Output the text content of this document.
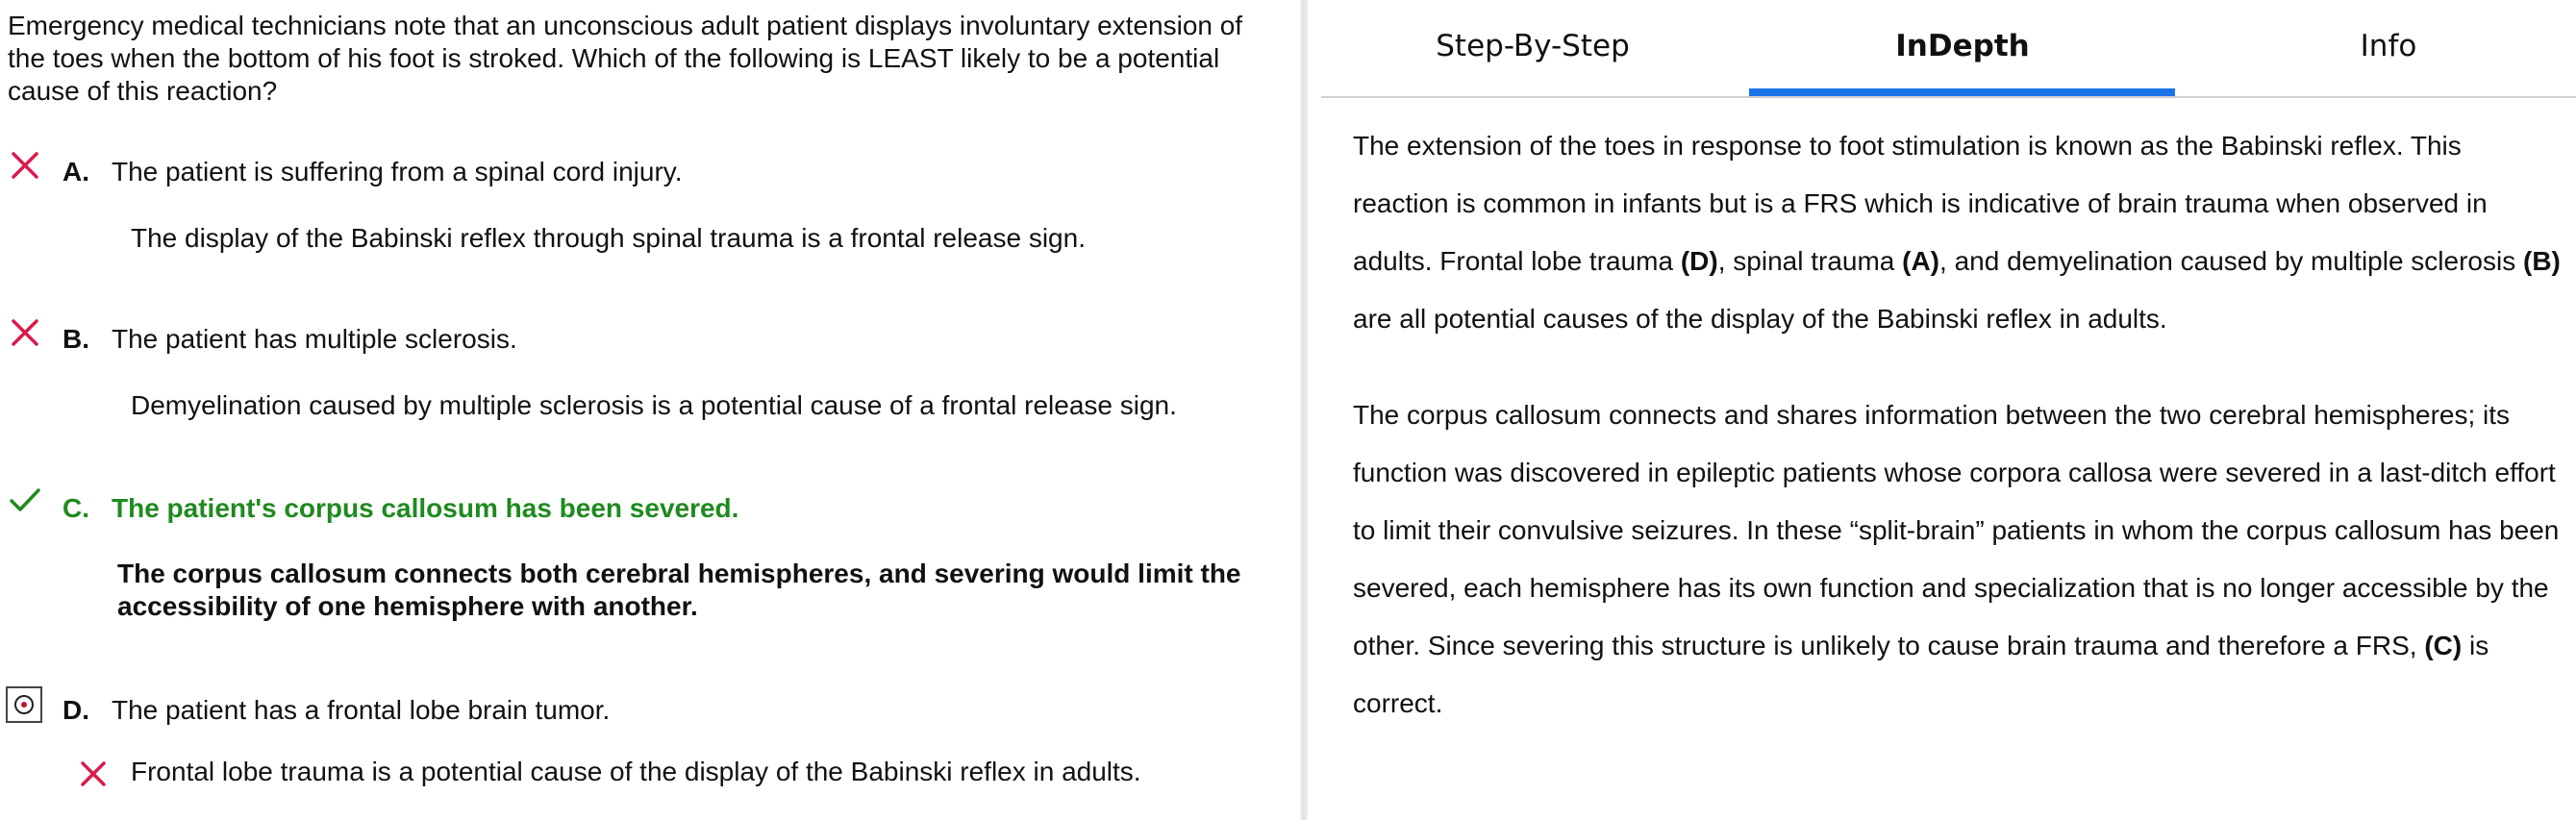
Emergency medical technicians note that an unconscious adult patient displays involuntary extension of the toes when the bottom of his foot is stroked. Which of the following is LEAST likely to be a potential cause of this reaction?
A. The patient is suffering from a spinal cord injury.
The display of the Babinski reflex through spinal trauma is a frontal release sign.
B. The patient has multiple sclerosis.
Demyelination caused by multiple sclerosis is a potential cause of a frontal release sign.
C. The patient's corpus callosum has been severed.
The corpus callosum connects both cerebral hemispheres, and severing would limit the accessibility of one hemisphere with another.
D. The patient has a frontal lobe brain tumor.
Frontal lobe trauma is a potential cause of the display of the Babinski reflex in adults.
Step-By-Step	InDepth	Info

The extension of the toes in response to foot stimulation is known as the Babinski reflex. This reaction is common in infants but is a FRS which is indicative of brain trauma when observed in adults. Frontal lobe trauma (D), spinal trauma (A), and demyelination caused by multiple sclerosis (B) are all potential causes of the display of the Babinski reflex in adults.

The corpus callosum connects and shares information between the two cerebral hemispheres; its function was discovered in epileptic patients whose corpora callosa were severed in a last-ditch effort to limit their convulsive seizures. In these “split-brain” patients in whom the corpus callosum has been severed, each hemisphere has its own function and specialization that is no longer accessible by the other. Since severing this structure is unlikely to cause brain trauma and therefore a FRS, (C) is correct.
